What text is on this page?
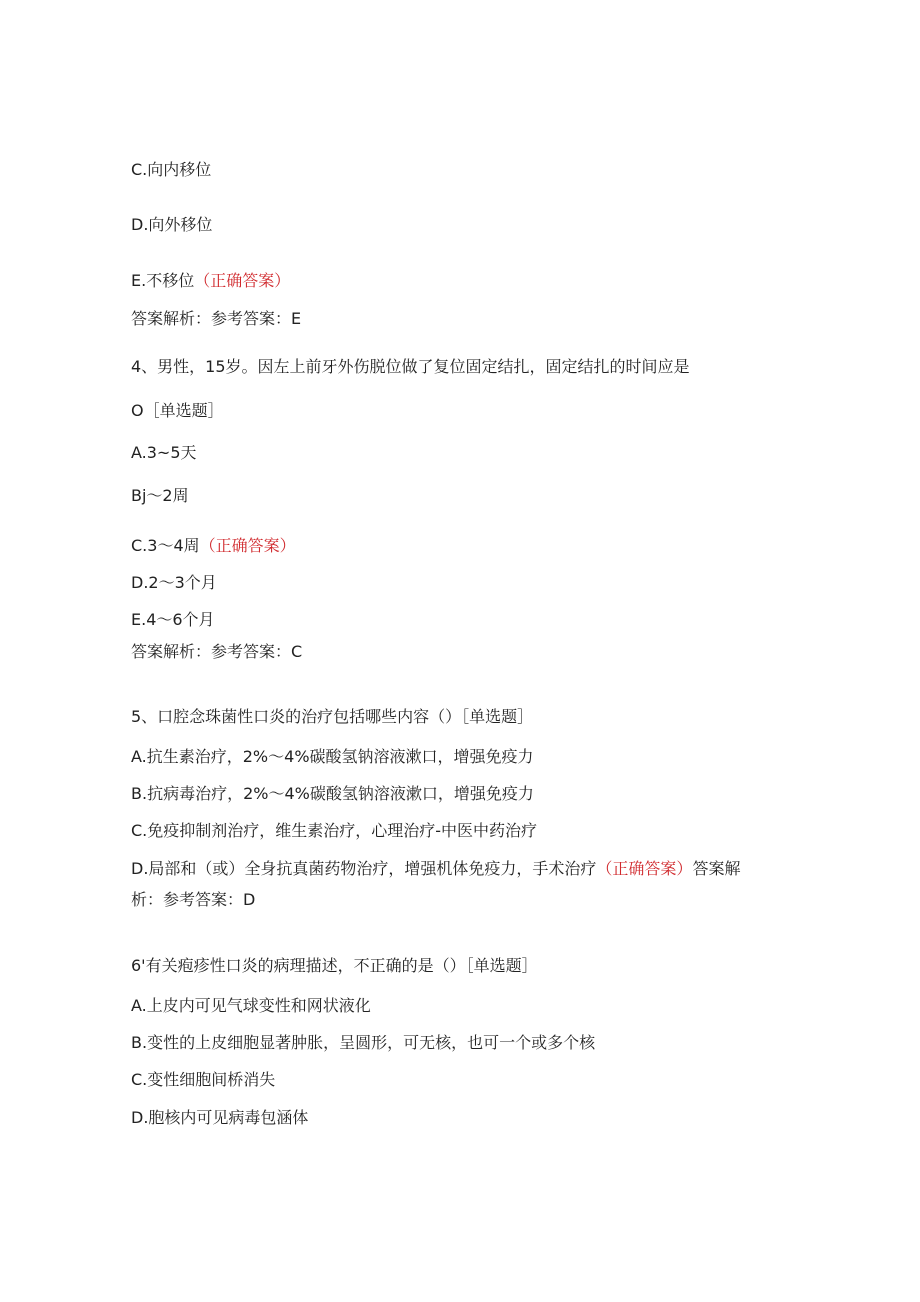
C.向内移位
D.向外移位
E.不移位（正确答案）
答案解析：参考答案：E
4、男性，15岁。因左上前牙外伤脱位做了复位固定结扎，固定结扎的时间应是
O［单选题］
A.3~5天
Bj～2周
C.3～4周（正确答案）
D.2～3个月
E.4～6个月
答案解析：参考答案：C
5、口腔念珠菌性口炎的治疗包括哪些内容（）［单选题］
A.抗生素治疗，2%～4%碳酸氢钠溶液漱口，增强免疫力
B.抗病毒治疗，2%～4%碳酸氢钠溶液漱口，增强免疫力
C.免疫抑制剂治疗，维生素治疗，心理治疗-中医中药治疗
D.局部和（或）全身抗真菌药物治疗，增强机体免疫力，手术治疗（正确答案）答案解
析：参考答案：D
6'有关疱疹性口炎的病理描述，不正确的是（）［单选题］
A.上皮内可见气球变性和网状液化
B.变性的上皮细胞显著肿胀，呈圆形，可无核，也可一个或多个核
C.变性细胞间桥消失
D.胞核内可见病毒包涵体
